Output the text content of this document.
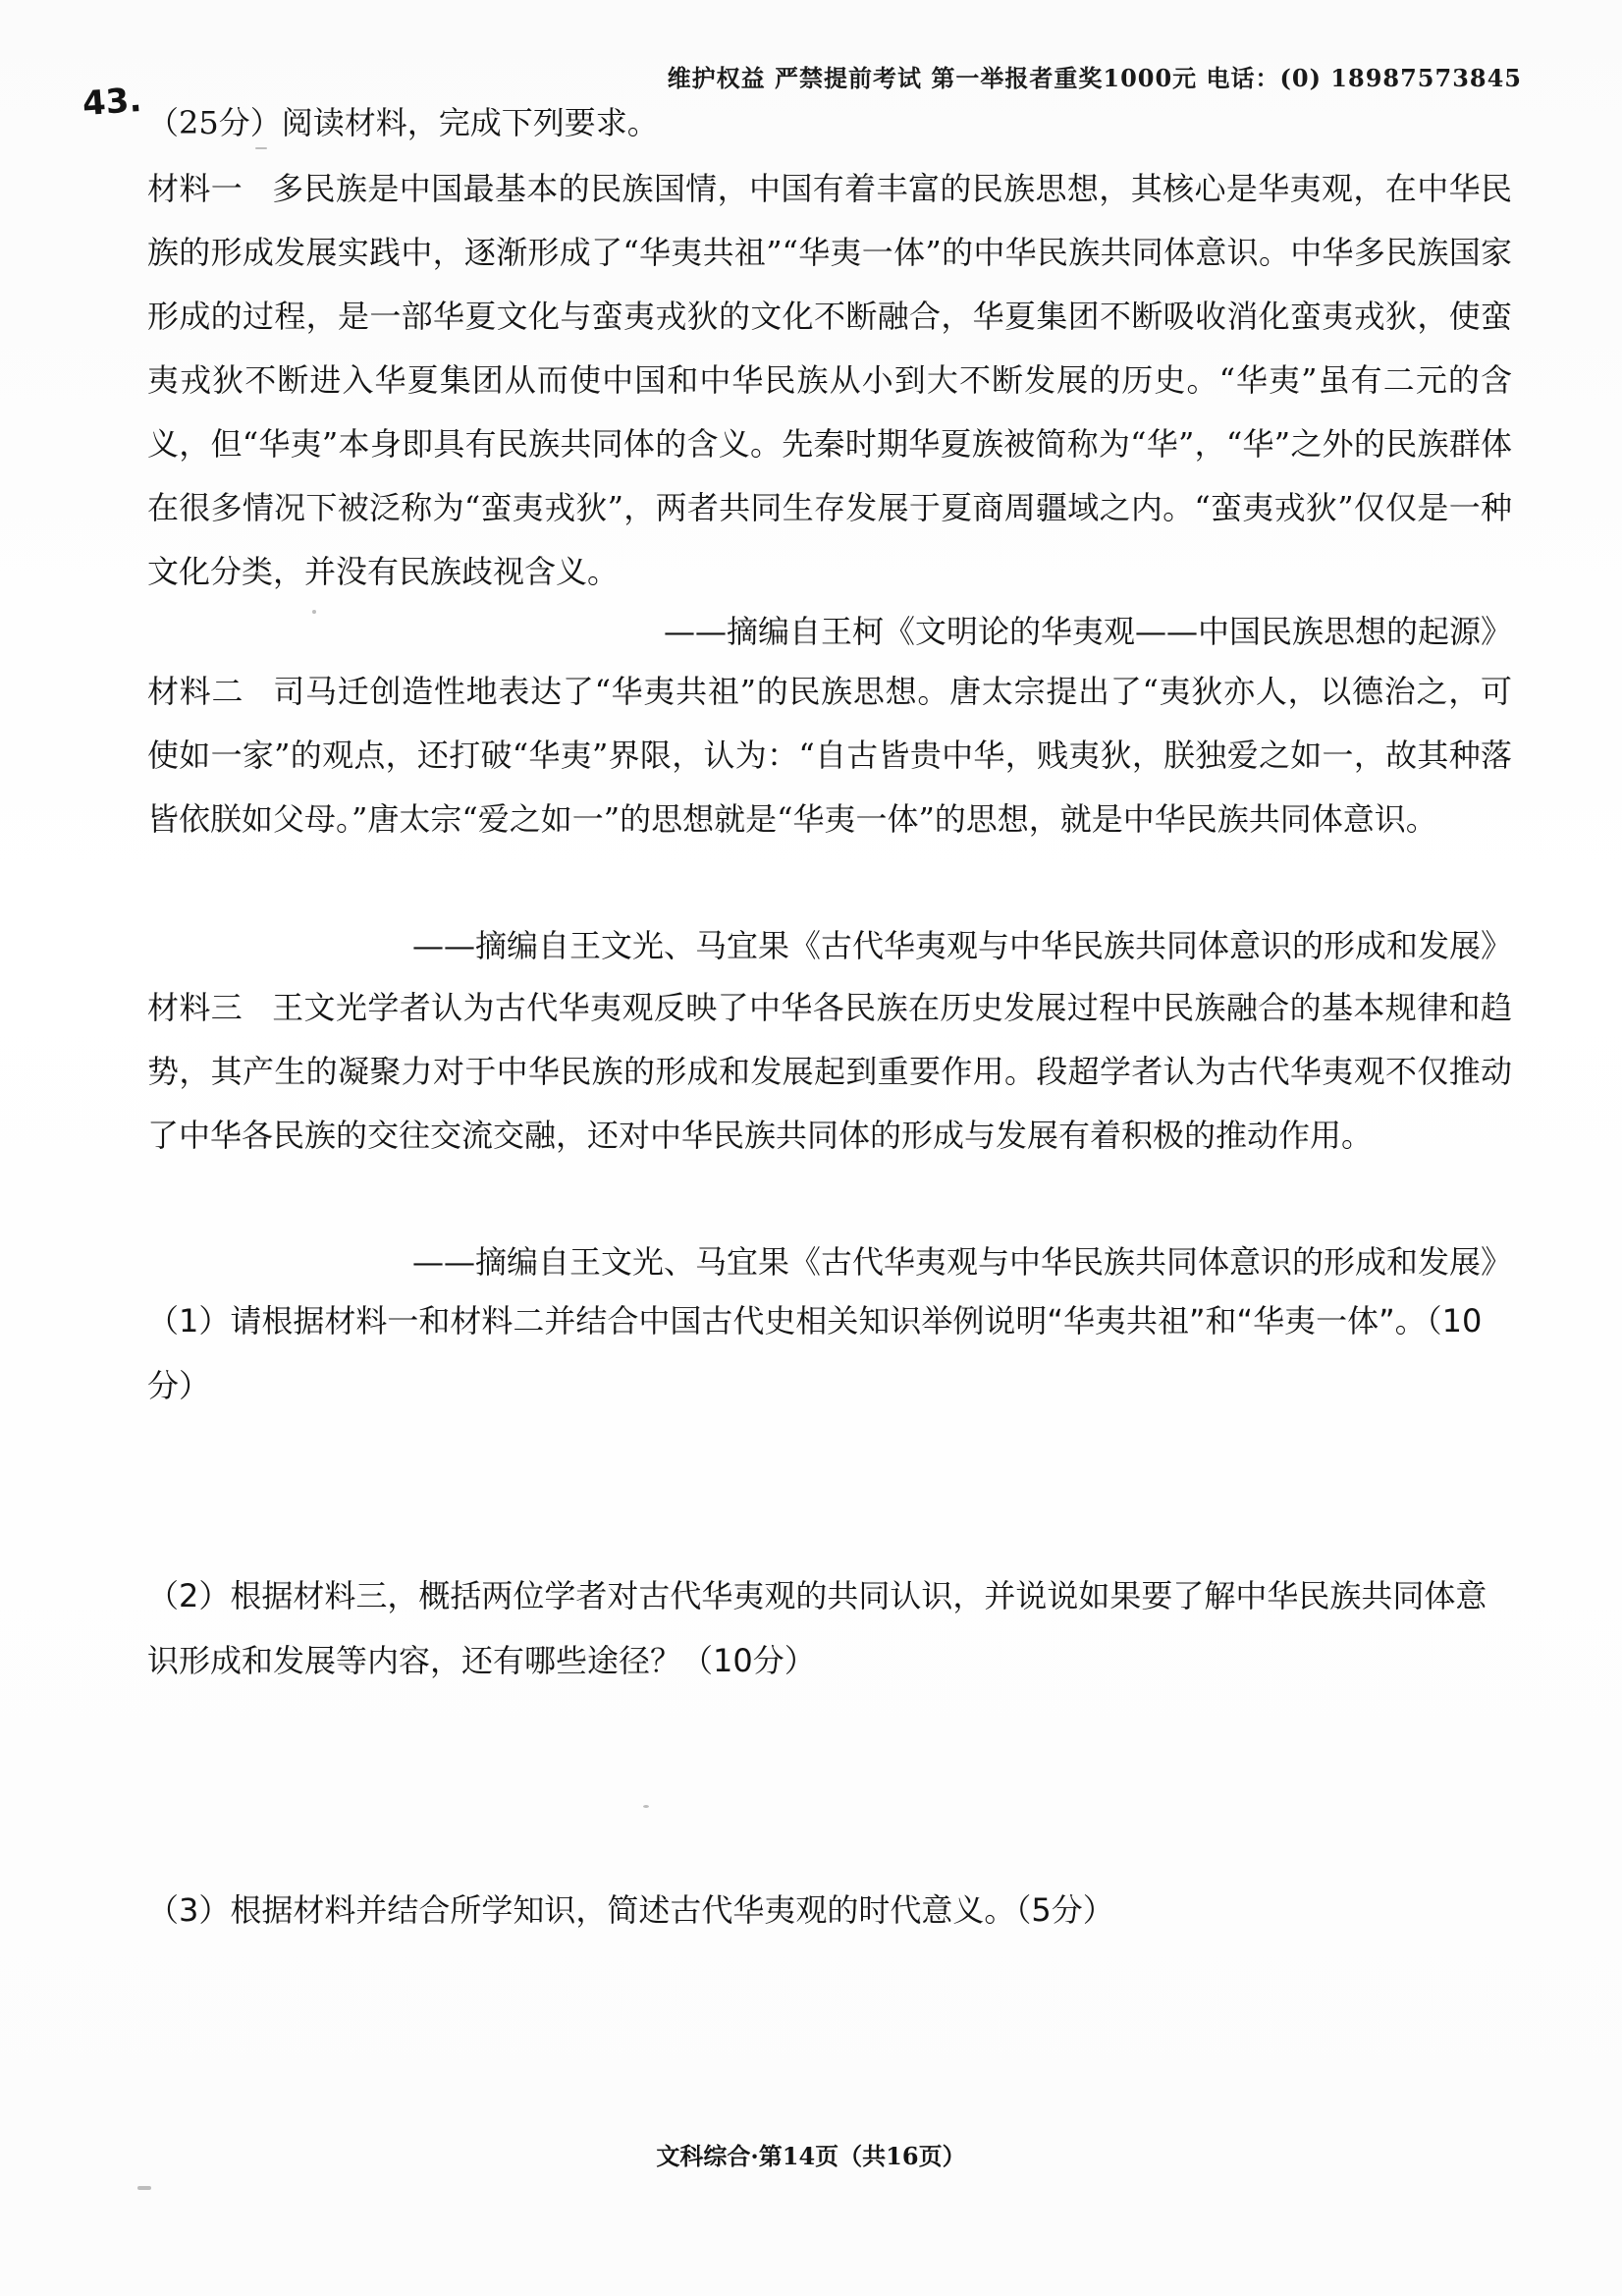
维护权益 严禁提前考试 第一举报者重奖1000元 电话：(0) 18987573845
43. （25分）阅读材料，完成下列要求。
材料一 多民族是中国最基本的民族国情，中国有着丰富的民族思想，其核心是华夷观，在中华民族的形成发展实践中，逐渐形成了“华夷共祖”“华夷一体”的中华民族共同体意识。中华多民族国家形成的过程，是一部华夏文化与蛮夷戎狄的文化不断融合，华夏集团不断吸收消化蛮夷戎狄，使蛮夷戎狄不断进入华夏集团从而使中国和中华民族从小到大不断发展的历史。“华夷”虽有二元的含义，但“华夷”本身即具有民族共同体的含义。先秦时期华夏族被简称为“华”，“华”之外的民族群体在很多情况下被泛称为“蛮夷戎狄”，两者共同生存发展于夏商周疆域之内。“蛮夷戎狄”仅仅是一种文化分类，并没有民族歧视含义。
——摘编自王柯《文明论的华夷观——中国民族思想的起源》
材料二 司马迁创造性地表达了“华夷共祖”的民族思想。唐太宗提出了“夷狄亦人，以德治之，可使如一家”的观点，还打破“华夷”界限，认为：“自古皆贵中华，贱夷狄，朕独爱之如一，故其种落皆依朕如父母。”唐太宗“爱之如一”的思想就是“华夷一体”的思想，就是中华民族共同体意识。
——摘编自王文光、马宜果《古代华夷观与中华民族共同体意识的形成和发展》
材料三 王文光学者认为古代华夷观反映了中华各民族在历史发展过程中民族融合的基本规律和趋势，其产生的凝聚力对于中华民族的形成和发展起到重要作用。段超学者认为古代华夷观不仅推动了中华各民族的交往交流交融，还对中华民族共同体的形成与发展有着积极的推动作用。
——摘编自王文光、马宜果《古代华夷观与中华民族共同体意识的形成和发展》
（1）请根据材料一和材料二并结合中国古代史相关知识举例说明“华夷共祖”和“华夷一体”。（10分）
（2）根据材料三，概括两位学者对古代华夷观的共同认识，并说说如果要了解中华民族共同体意识形成和发展等内容，还有哪些途径？（10分）
（3）根据材料并结合所学知识，简述古代华夷观的时代意义。（5分）
文科综合·第14页（共16页）
